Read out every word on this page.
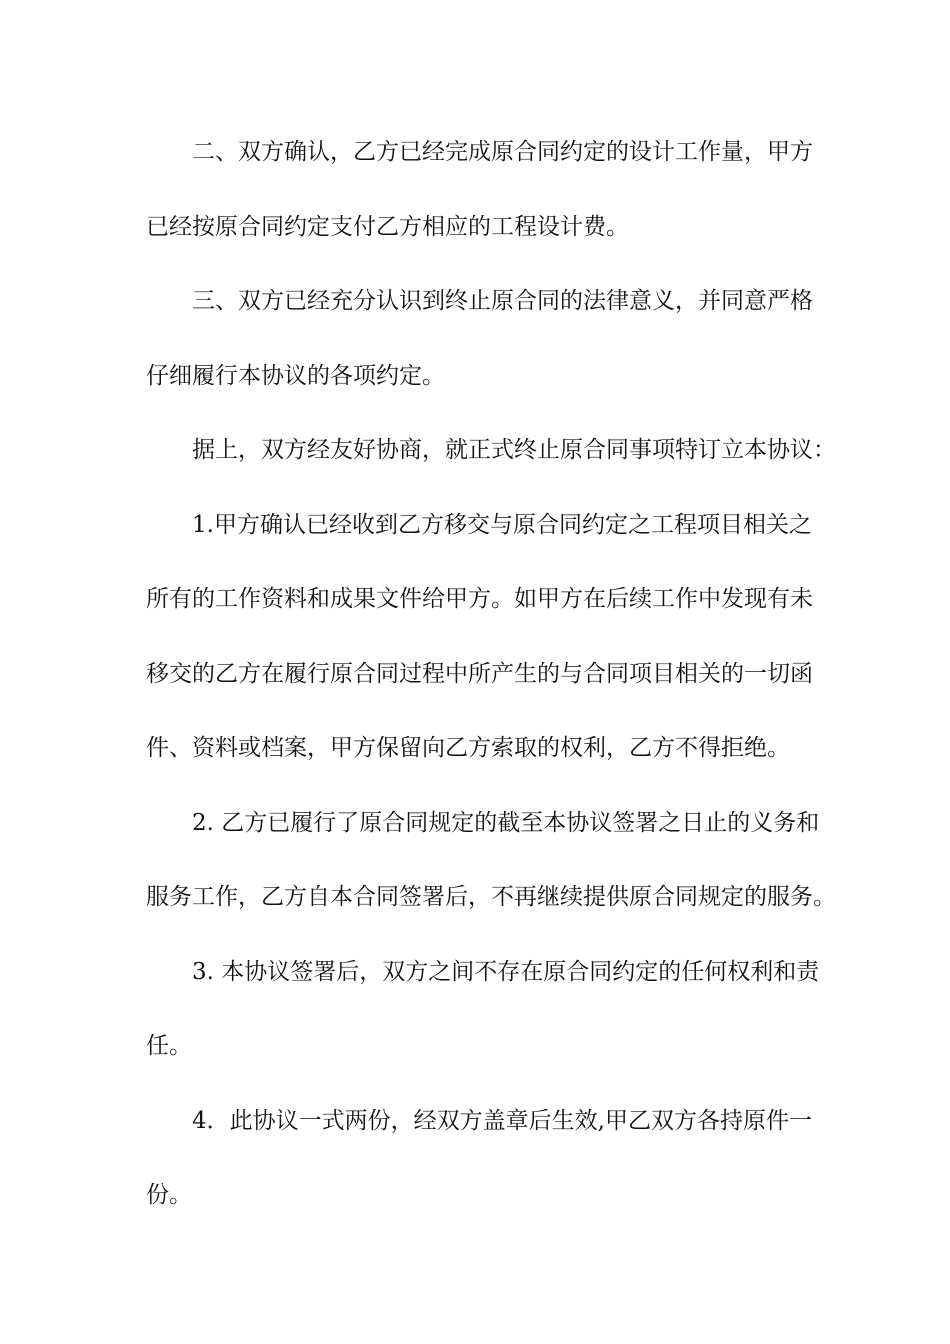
二、双方确认，乙方已经完成原合同约定的设计工作量，甲方
已经按原合同约定支付乙方相应的工程设计费。
三、双方已经充分认识到终止原合同的法律意义，并同意严格
仔细履行本协议的各项约定。
据上，双方经友好协商，就正式终止原合同事项特订立本协议：
1.甲方确认已经收到乙方移交与原合同约定之工程项目相关之
所有的工作资料和成果文件给甲方。如甲方在后续工作中发现有未
移交的乙方在履行原合同过程中所产生的与合同项目相关的一切函
件、资料或档案，甲方保留向乙方索取的权利，乙方不得拒绝。
2. 乙方已履行了原合同规定的截至本协议签署之日止的义务和
服务工作，乙方自本合同签署后，不再继续提供原合同规定的服务。
3. 本协议签署后，双方之间不存在原合同约定的任何权利和责
任。
4．此协议一式两份，经双方盖章后生效,甲乙双方各持原件一
份。
